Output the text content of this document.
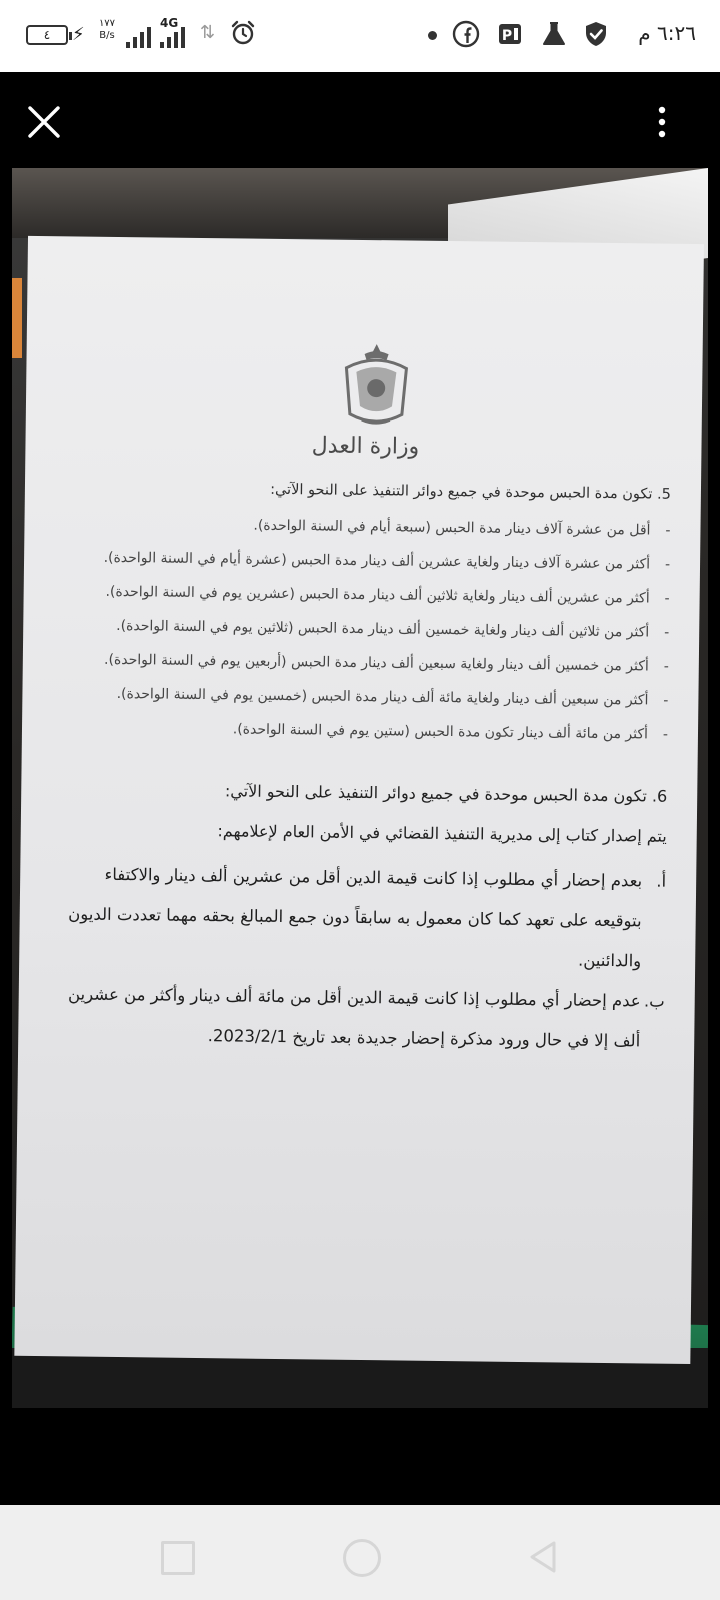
٤	⚡
١٧٧
B/s
4G ⇅	P	٦:٢٦ م
وزارة العدل

5. تكون مدة الحبس موحدة في جميع دوائر التنفيذ على النحو الآتي:

- أقل من عشرة آلاف دينار مدة الحبس (سبعة أيام في السنة الواحدة).

- أكثر من عشرة آلاف دينار ولغاية عشرين ألف دينار مدة الحبس (عشرة أيام في السنة الواحدة).

- أكثر من عشرين ألف دينار ولغاية ثلاثين ألف دينار مدة الحبس (عشرين يوم في السنة الواحدة).

- أكثر من ثلاثين ألف دينار ولغاية خمسين ألف دينار مدة الحبس (ثلاثين يوم في السنة الواحدة).

- أكثر من خمسين ألف دينار ولغاية سبعين ألف دينار مدة الحبس (أربعين يوم في السنة الواحدة).

- أكثر من سبعين ألف دينار ولغاية مائة ألف دينار مدة الحبس (خمسين يوم في السنة الواحدة).

- أكثر من مائة ألف دينار تكون مدة الحبس (ستين يوم في السنة الواحدة).

6. تكون مدة الحبس موحدة في جميع دوائر التنفيذ على النحو الآتي:

يتم إصدار كتاب إلى مديرية التنفيذ القضائي في الأمن العام لإعلامهم:

أ.
بعدم إحضار أي مطلوب إذا كانت قيمة الدين أقل من عشرين ألف دينار والاكتفاء بتوقيعه على تعهد كما كان معمول به سابقاً دون جمع المبالغ بحقه مهما تعددت الديون والدائنين.

ب.
عدم إحضار أي مطلوب إذا كانت قيمة الدين أقل من مائة ألف دينار وأكثر من عشرين ألف إلا في حال ورود مذكرة إحضار جديدة بعد تاريخ 2023/2/1.
